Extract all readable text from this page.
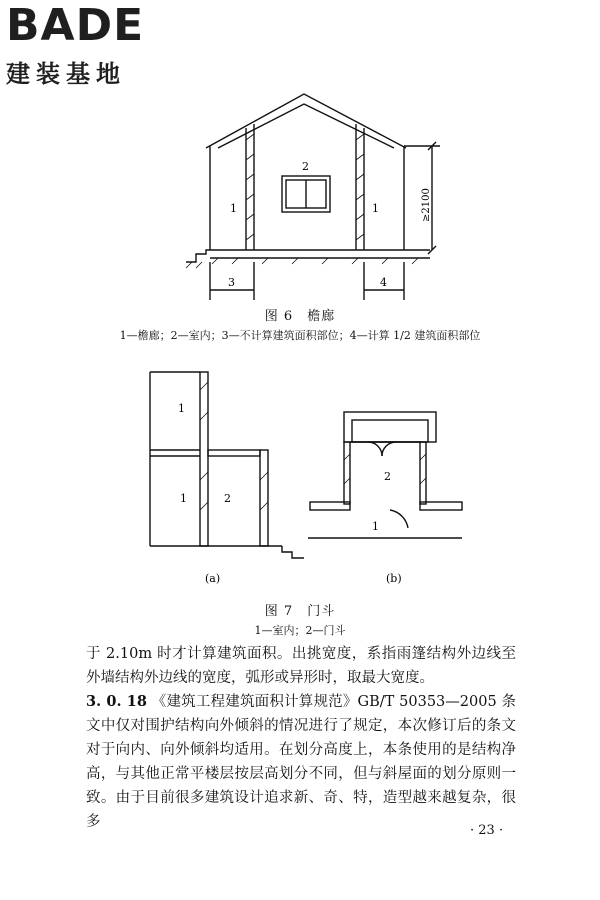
BADE
建装基地
1
2
1
3	4
≥2100
图 6　檐廊
1—檐廊；2—室内；3—不计算建筑面积部位；4—计算 1/2 建筑面积部位
1
1	2
2
1
(a)	(b)
图 7　门斗
1—室内；2—门斗

于 2.10m 时才计算建筑面积。出挑宽度，系指雨篷结构外边线至外墙结构外边线的宽度，弧形或异形时，取最大宽度。

3. 0. 18 《建筑工程建筑面积计算规范》GB/T 50353—2005 条文中仅对围护结构向外倾斜的情况进行了规定，本次修订后的条文对于向内、向外倾斜均适用。在划分高度上，本条使用的是结构净高，与其他正常平楼层按层高划分不同，但与斜屋面的划分原则一致。由于目前很多建筑设计追求新、奇、特，造型越来越复杂，很多

· 23 ·
